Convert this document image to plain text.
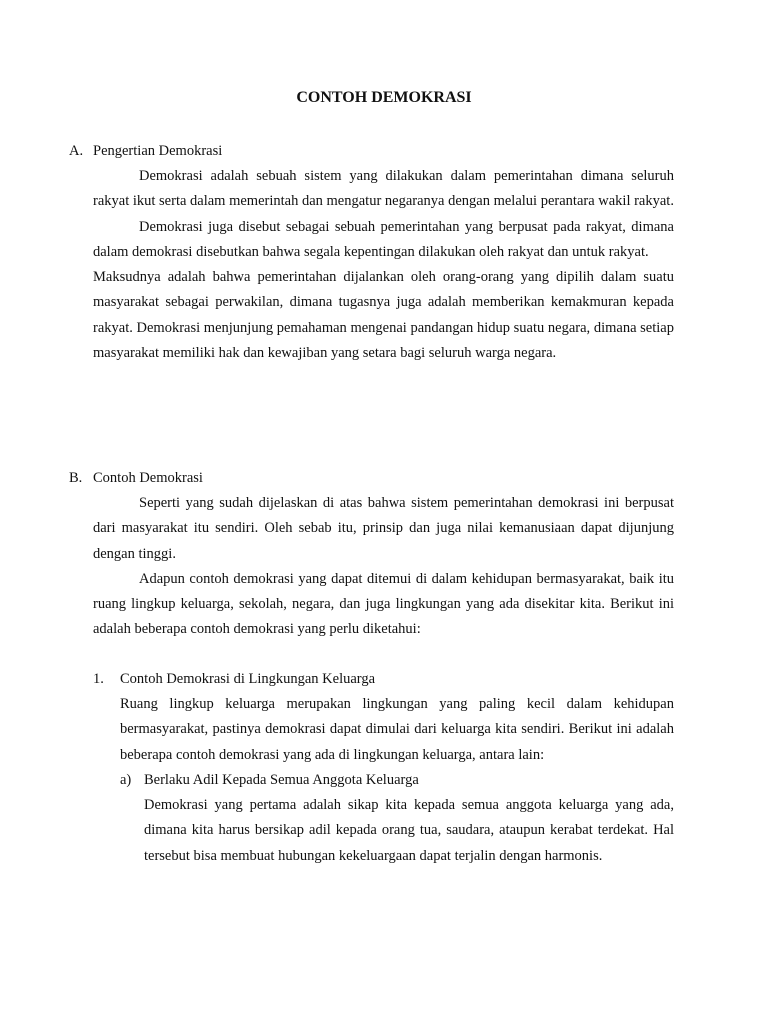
CONTOH DEMOKRASI
A. Pengertian Demokrasi

Demokrasi adalah sebuah sistem yang dilakukan dalam pemerintahan dimana seluruh rakyat ikut serta dalam memerintah dan mengatur negaranya dengan melalui perantara wakil rakyat.

Demokrasi juga disebut sebagai sebuah pemerintahan yang berpusat pada rakyat, dimana dalam demokrasi disebutkan bahwa segala kepentingan dilakukan oleh rakyat dan untuk rakyat.

Maksudnya adalah bahwa pemerintahan dijalankan oleh orang-orang yang dipilih dalam suatu masyarakat sebagai perwakilan, dimana tugasnya juga adalah memberikan kemakmuran kepada rakyat. Demokrasi menjunjung pemahaman mengenai pandangan hidup suatu negara, dimana setiap masyarakat memiliki hak dan kewajiban yang setara bagi seluruh warga negara.

B. Contoh Demokrasi

Seperti yang sudah dijelaskan di atas bahwa sistem pemerintahan demokrasi ini berpusat dari masyarakat itu sendiri. Oleh sebab itu, prinsip dan juga nilai kemanusiaan dapat dijunjung dengan tinggi.

Adapun contoh demokrasi yang dapat ditemui di dalam kehidupan bermasyarakat, baik itu ruang lingkup keluarga, sekolah, negara, dan juga lingkungan yang ada disekitar kita. Berikut ini adalah beberapa contoh demokrasi yang perlu diketahui:

1. Contoh Demokrasi di Lingkungan Keluarga

Ruang lingkup keluarga merupakan lingkungan yang paling kecil dalam kehidupan bermasyarakat, pastinya demokrasi dapat dimulai dari keluarga kita sendiri. Berikut ini adalah beberapa contoh demokrasi yang ada di lingkungan keluarga, antara lain:

a) Berlaku Adil Kepada Semua Anggota Keluarga

Demokrasi yang pertama adalah sikap kita kepada semua anggota keluarga yang ada, dimana kita harus bersikap adil kepada orang tua, saudara, ataupun kerabat terdekat. Hal tersebut bisa membuat hubungan kekeluargaan dapat terjalin dengan harmonis.
